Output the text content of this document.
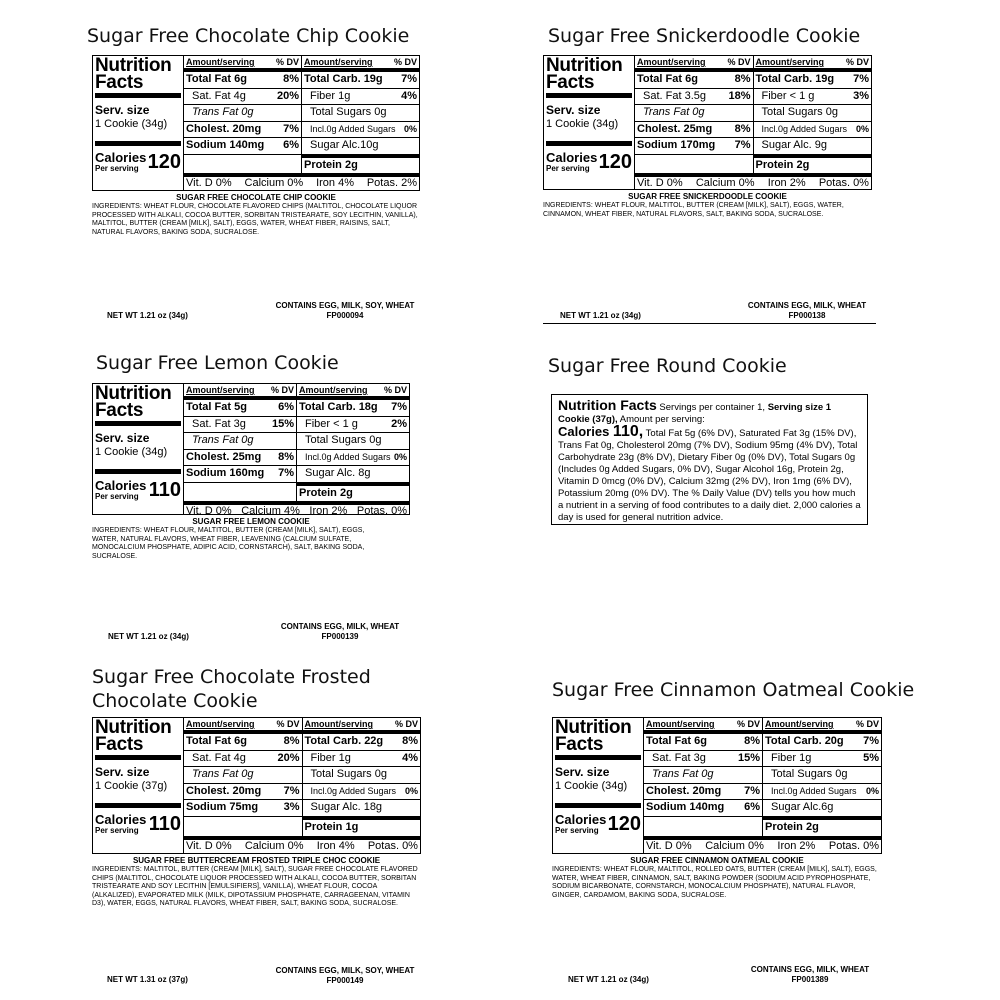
Sugar Free Chocolate Chip Cookie
Nutrition Facts
Serv. size
1 Cookie (34g)
Calories
Per serving 120
Amount/serving % DV
Total Fat 6g	8%
Sat. Fat 4g	20%
Trans Fat 0g
Cholest. 20mg 7%
Sodium 140mg 6%
Amount/serving % DV
Total Carb. 19g 7%
Fiber 1g	4%
Total Sugars 0g
Incl.0g Added Sugars 0%
Sugar Alc.10g
Protein 2g
Vit. D 0% Calcium 0% Iron 4% Potas. 2%
SUGAR FREE CHOCOLATE CHIP COOKIE
INGREDIENTS: WHEAT FLOUR, CHOCOLATE FLAVORED CHIPS (MALTITOL, CHOCOLATE LIQUOR PROCESSED WITH ALKALI, COCOA BUTTER, SORBITAN TRISTEARATE, SOY LECITHIN, VANILLA), MALTITOL, BUTTER (CREAM [MILK], SALT), EGGS, WATER, WHEAT FIBER, RAISINS, SALT, NATURAL FLAVORS, BAKING SODA, SUCRALOSE.
CONTAINS EGG, MILK, SOY, WHEAT
FP000094
NET WT 1.21 oz (34g)
Sugar Free Snickerdoodle Cookie
Nutrition Facts
Serv. size
1 Cookie (34g)
Calories
Per serving 120
Amount/serving % DV
Total Fat 6g	8%
Sat. Fat 3.5g 18%
Trans Fat 0g
Cholest. 25mg 8%
Sodium 170mg 7%
Amount/serving % DV
Total Carb. 19g 7%
Fiber < 1 g	3%
Total Sugars 0g
Incl.0g Added Sugars 0%
Sugar Alc. 9g
Protein 2g
Vit. D 0% Calcium 0% Iron 2% Potas. 0%
SUGAR FREE SNICKERDOODLE COOKIE
INGREDIENTS: WHEAT FLOUR, MALTITOL, BUTTER (CREAM [MILK], SALT), EGGS, WATER, CINNAMON, WHEAT FIBER, NATURAL FLAVORS, SALT, BAKING SODA, SUCRALOSE.
CONTAINS EGG, MILK, WHEAT
FP000138
NET WT 1.21 oz (34g)
Sugar Free Lemon Cookie
Nutrition Facts
Serv. size
1 Cookie (34g)
Calories
Per serving 110
Amount/serving % DV
Total Fat 5g	6%
Sat. Fat 3g 15%
Trans Fat 0g
Cholest. 25mg 8%
Sodium 160mg 7%
Amount/serving % DV
Total Carb. 18g 7%
Fiber < 1 g	2%
Total Sugars 0g
Incl.0g Added Sugars 0%
Sugar Alc. 8g
Protein 2g
Vit. D 0% Calcium 4% Iron 2% Potas. 0%
SUGAR FREE LEMON COOKIE
INGREDIENTS: WHEAT FLOUR, MALTITOL, BUTTER (CREAM [MILK], SALT), EGGS, WATER, NATURAL FLAVORS, WHEAT FIBER, LEAVENING (CALCIUM SULFATE, MONOCALCIUM PHOSPHATE, ADIPIC ACID, CORNSTARCH), SALT, BAKING SODA, SUCRALOSE.
CONTAINS EGG, MILK, WHEAT
FP000139
NET WT 1.21 oz (34g)
Sugar Free Round Cookie
Nutrition Facts Servings per container 1, Serving size 1 Cookie (37g), Amount per serving:
Calories 110, Total Fat 5g (6% DV), Saturated Fat 3g (15% DV), Trans Fat 0g, Cholesterol 20mg (7% DV), Sodium 95mg (4% DV), Total Carbohydrate 23g (8% DV), Dietary Fiber 0g (0% DV), Total Sugars 0g (Includes 0g Added Sugars, 0% DV), Sugar Alcohol 16g, Protein 2g, Vitamin D 0mcg (0% DV), Calcium 32mg (2% DV), Iron 1mg (6% DV), Potassium 20mg (0% DV). The % Daily Value (DV) tells you how much a nutrient in a serving of food contributes to a daily diet. 2,000 calories a day is used for general nutrition advice.
Sugar Free Chocolate Frosted Chocolate Cookie
Nutrition Facts
Serv. size
1 Cookie (37g)
Calories
Per serving 110
Amount/serving % DV
Total Fat 6g	8%
Sat. Fat 4g	20%
Trans Fat 0g
Cholest. 20mg 7%
Sodium 75mg 3%
Amount/serving % DV
Total Carb. 22g 8%
Fiber 1g	4%
Total Sugars 0g
Incl.0g Added Sugars 0%
Sugar Alc. 18g
Protein 1g
Vit. D 0% Calcium 0% Iron 4% Potas. 0%
SUGAR FREE BUTTERCREAM FROSTED TRIPLE CHOC COOKIE
INGREDIENTS: MALTITOL, BUTTER (CREAM [MILK], SALT), SUGAR FREE CHOCOLATE FLAVORED CHIPS (MALTITOL, CHOCOLATE LIQUOR PROCESSED WITH ALKALI, COCOA BUTTER, SORBITAN TRISTEARATE AND SOY LECITHIN [EMULSIFIERS], VANILLA), WHEAT FLOUR, COCOA (ALKALIZED), EVAPORATED MILK (MILK, DIPOTASSIUM PHOSPHATE, CARRAGEENAN, VITAMIN D3), WATER, EGGS, NATURAL FLAVORS, WHEAT FIBER, SALT, BAKING SODA, SUCRALOSE.
CONTAINS EGG, MILK, SOY, WHEAT
FP000149
NET WT 1.31 oz (37g)
Sugar Free Cinnamon Oatmeal Cookie
Nutrition Facts
Serv. size
1 Cookie (34g)
Calories
Per serving 120
Amount/serving % DV
Total Fat 6g	8%
Sat. Fat 3g	15%
Trans Fat 0g
Cholest. 20mg 7%
Sodium 140mg 6%
Amount/serving % DV
Total Carb. 20g 7%
Fiber 1g	5%
Total Sugars 0g
Incl.0g Added Sugars 0%
Sugar Alc.6g
Protein 2g
Vit. D 0% Calcium 0% Iron 2% Potas. 0%
SUGAR FREE CINNAMON OATMEAL COOKIE
INGREDIENTS: WHEAT FLOUR, MALTITOL, ROLLED OATS, BUTTER (CREAM [MILK], SALT), EGGS, WATER, WHEAT FIBER, CINNAMON, SALT, BAKING POWDER (SODIUM ACID PYROPHOSPHATE, SODIUM BICARBONATE, CORNSTARCH, MONOCALCIUM PHOSPHATE), NATURAL FLAVOR, GINGER, CARDAMOM, BAKING SODA, SUCRALOSE.
CONTAINS EGG, MILK, WHEAT
FP001389
NET WT 1.21 oz (34g)
